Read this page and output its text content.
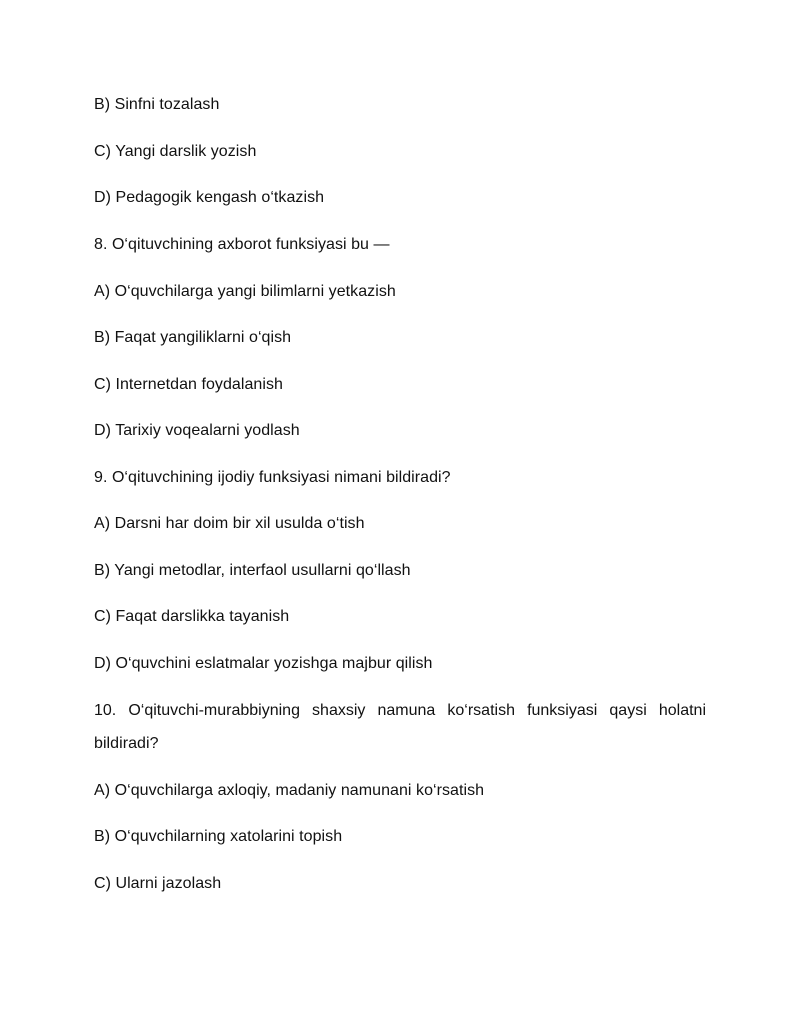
B) Sinfni tozalash
C) Yangi darslik yozish
D) Pedagogik kengash o‘tkazish
8. O‘qituvchining axborot funksiyasi bu —
A) O‘quvchilarga yangi bilimlarni yetkazish
B) Faqat yangiliklarni o‘qish
C) Internetdan foydalanish
D) Tarixiy voqealarni yodlash
9. O‘qituvchining ijodiy funksiyasi nimani bildiradi?
A) Darsni har doim bir xil usulda o‘tish
B) Yangi metodlar, interfaol usullarni qo‘llash
C) Faqat darslikka tayanish
D) O‘quvchini eslatmalar yozishga majbur qilish
10. O‘qituvchi-murabbiyning shaxsiy namuna ko‘rsatish funksiyasi qaysi holatni
bildiradi?
A) O‘quvchilarga axloqiy, madaniy namunani ko‘rsatish
B) O‘quvchilarning xatolarini topish
C) Ularni jazolash
